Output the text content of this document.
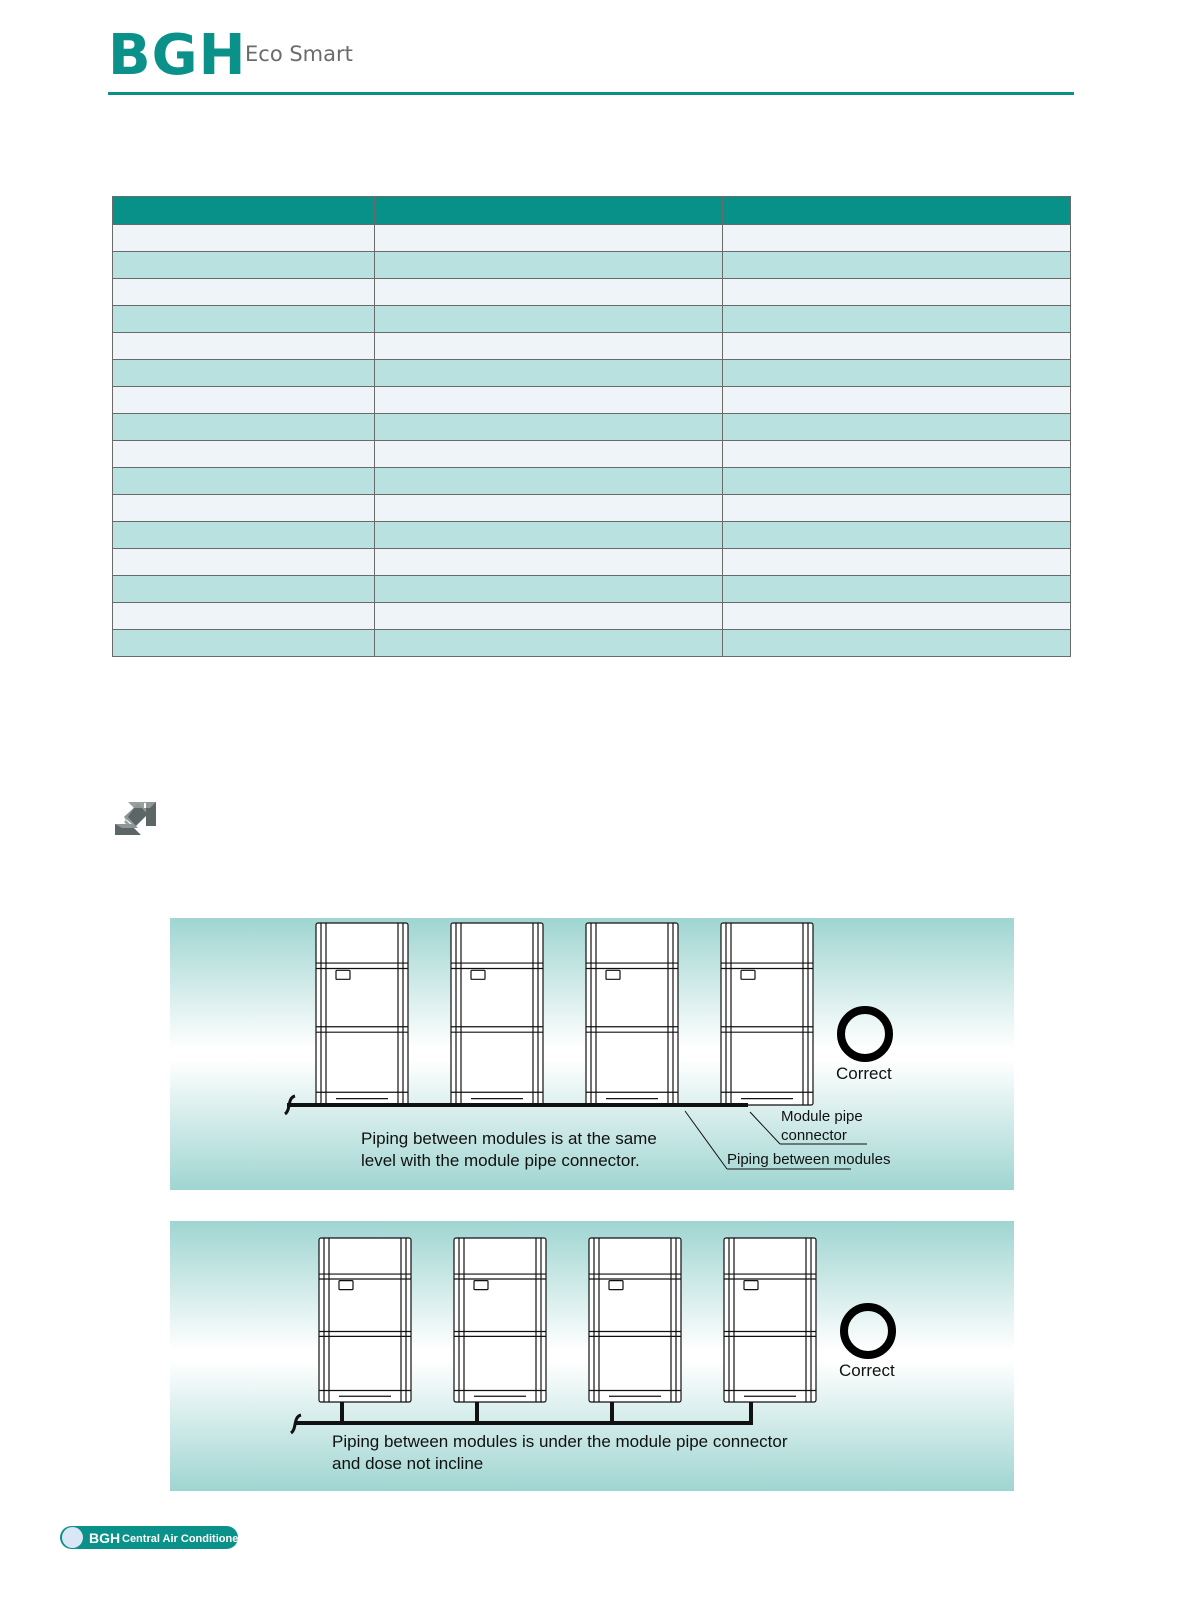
BGH
Eco Smart

Correct
Module pipe
connector
Piping between modules
Piping between modules is at the same
level with the module pipe connector.
Correct
Piping between modules is under the module pipe connector
and dose not incline
BGH Central Air Conditioners
